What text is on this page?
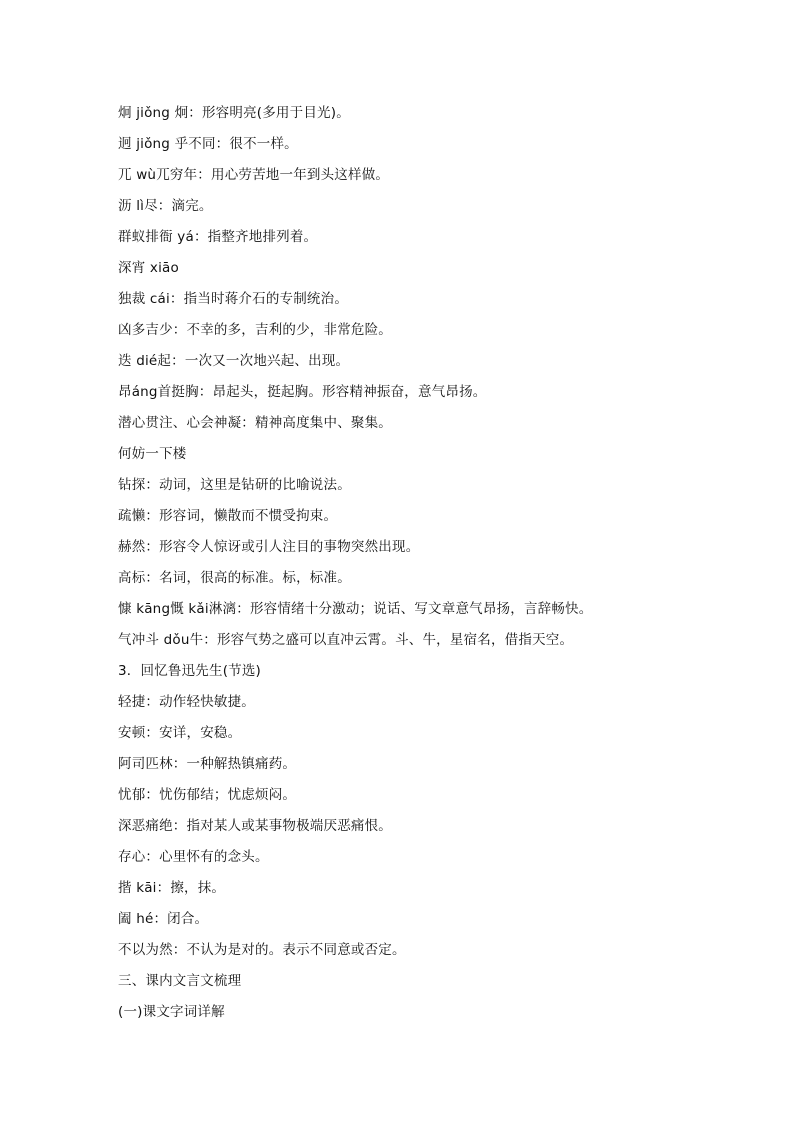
炯 jiǒng 炯：形容明亮(多用于目光)。
迥 jiǒng 乎不同：很不一样。
兀 wù兀穷年：用心劳苦地一年到头这样做。
沥 lì尽：滴完。
群蚁排衙 yá：指整齐地排列着。
深宵 xiāo
独裁 cái：指当时蒋介石的专制统治。
凶多吉少：不幸的多，吉利的少，非常危险。
迭 dié起：一次又一次地兴起、出现。
昂áng首挺胸：昂起头，挺起胸。形容精神振奋，意气昂扬。
潜心贯注、心会神凝：精神高度集中、聚集。
何妨一下楼
钻探：动词，这里是钻研的比喻说法。
疏懒：形容词，懒散而不惯受拘束。
赫然：形容令人惊讶或引人注目的事物突然出现。
高标：名词，很高的标准。标，标准。
慷 kāng慨 kǎi淋漓：形容情绪十分激动；说话、写文章意气昂扬，言辞畅快。
气冲斗 dǒu牛：形容气势之盛可以直冲云霄。斗、牛，星宿名，借指天空。
3．回忆鲁迅先生(节选)
轻捷：动作轻快敏捷。
安顿：安详，安稳。
阿司匹林：一种解热镇痛药。
忧郁：忧伤郁结；忧虑烦闷。
深恶痛绝：指对某人或某事物极端厌恶痛恨。
存心：心里怀有的念头。
揩 kāi：擦，抹。
阖 hé：闭合。
不以为然：不认为是对的。表示不同意或否定。
三、课内文言文梳理
(一)课文字词详解
